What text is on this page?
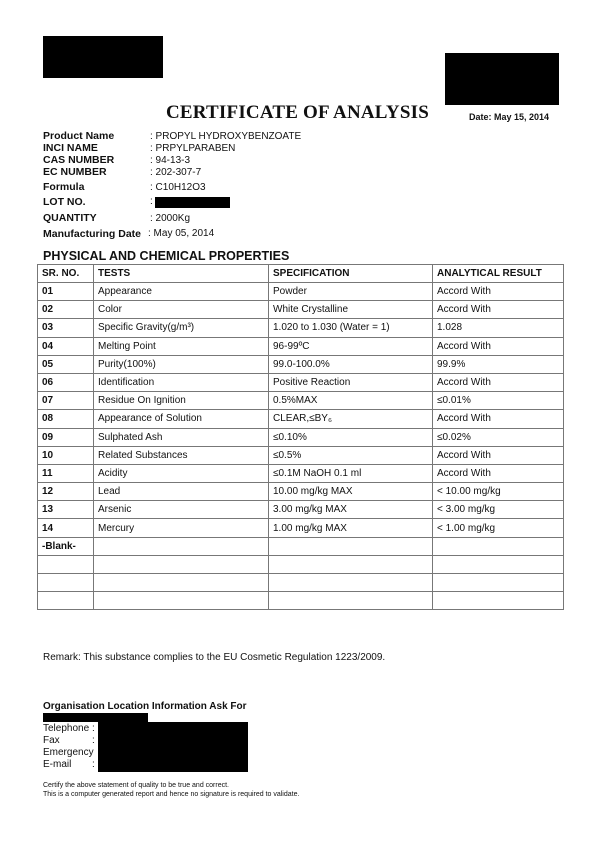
CERTIFICATE OF ANALYSIS	Date: May 15, 2014
Product Name	: PROPYL HYDROXYBENZOATE
INCI NAME	: PRPYLPARABEN
CAS NUMBER	: 94-13-3
EC NUMBER	: 202-307-7
Formula	: C10H12O3
LOT NO.	:
QUANTITY	: 2000Kg
Manufacturing Date : May 05, 2014
PHYSICAL AND CHEMICAL PROPERTIES
SR. NO.	TESTS	SPECIFICATION	ANALYTICAL RESULT
01	Appearance	Powder	Accord With
02	Color	White Crystalline	Accord With
03	Specific Gravity(g/m³)	1.020 to 1.030 (Water = 1)	1.028
04	Melting Point	96-99ºC	Accord With
05	Purity(100%)	99.0-100.0%	99.9%
06	Identification	Positive Reaction	Accord With
07	Residue On Ignition	0.5%MAX	≤0.01%
08	Appearance of Solution	CLEAR,≤BY₆	Accord With
09	Sulphated Ash	≤0.10%	≤0.02%
10	Related Substances	≤0.5%	Accord With
11	Acidity	≤0.1M NaOH 0.1 ml	Accord With
12	Lead	10.00 mg/kg MAX	< 10.00 mg/kg
13	Arsenic	3.00 mg/kg MAX	< 3.00 mg/kg
14	Mercury	1.00 mg/kg MAX	< 1.00 mg/kg
-Blank-			

Remark: This substance complies to the EU Cosmetic Regulation 1223/2009.
Organisation Location Information Ask For
Telephone :
Fax	:
Emergency
E-mail :
Certify the above statement of quality to be true and correct.
This is a computer generated report and hence no signature is required to validate.
